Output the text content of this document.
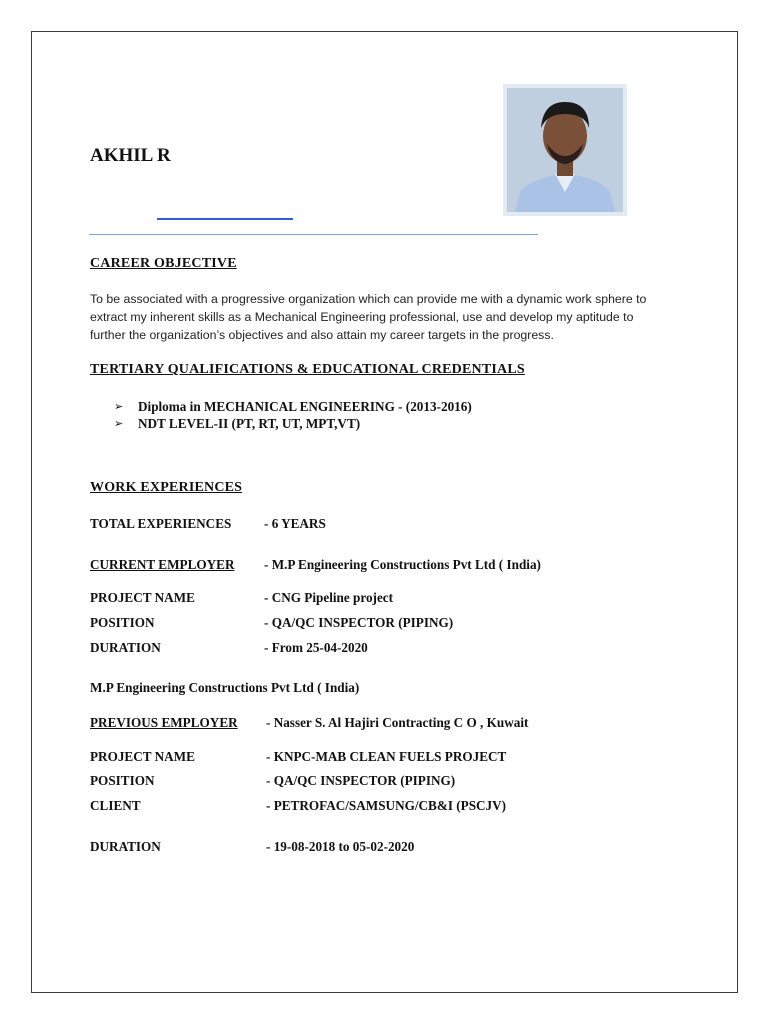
AKHIL R
CAREER OBJECTIVE
To be associated with a progressive organization which can provide me with a dynamic work sphere to
extract my inherent skills as a Mechanical Engineering professional, use and develop my aptitude to
further the organization’s objectives and also attain my career targets in the progress.
TERTIARY QUALIFICATIONS & EDUCATIONAL CREDENTIALS
➢	Diploma in MECHANICAL ENGINEERING - (2013-2016)
➢	NDT LEVEL-II (PT, RT, UT, MPT,VT)
WORK EXPERIENCES
TOTAL EXPERIENCES - 6 YEARS
CURRENT EMPLOYER - M.P Engineering Constructions Pvt Ltd ( India)
PROJECT NAME	- CNG Pipeline project
POSITION	- QA/QC INSPECTOR (PIPING)
DURATION	- From 25-04-2020
M.P Engineering Constructions Pvt Ltd ( India)
PREVIOUS EMPLOYER - Nasser S. Al Hajiri Contracting C O , Kuwait
PROJECT NAME	- KNPC-MAB CLEAN FUELS PROJECT
POSITION	- QA/QC INSPECTOR (PIPING)
CLIENT	- PETROFAC/SAMSUNG/CB&I (PSCJV)
DURATION	- 19-08-2018 to 05-02-2020
